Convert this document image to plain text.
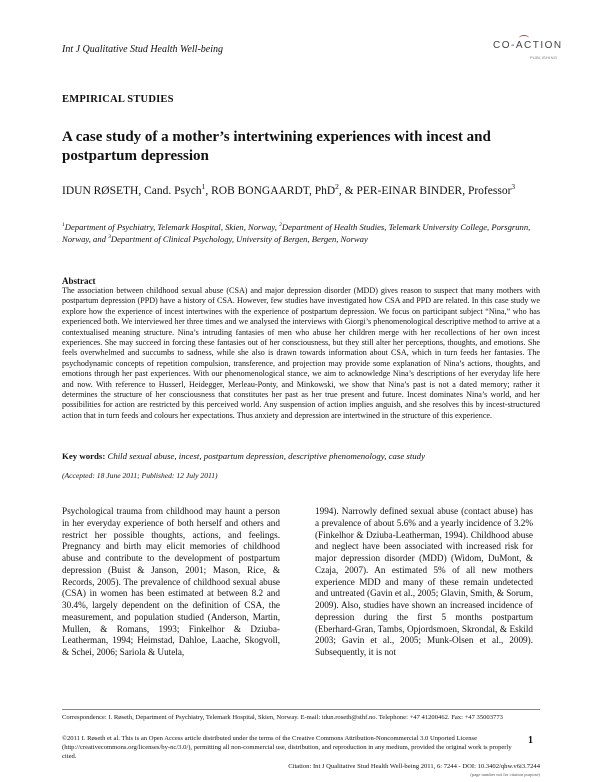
Int J Qualitative Stud Health Well-being	CO-ACTION
PUBLISHING
EMPIRICAL STUDIES
A case study of a mother’s intertwining experiences with incest and postpartum depression
IDUN RØSETH, Cand. Psych$^1$, ROB BONGAARDT, PhD$^2$, & PER-EINAR BINDER, Professor$^3$
$^1$Department of Psychiatry, Telemark Hospital, Skien, Norway, $^2$Department of Health Studies, Telemark University College, Porsgrunn, Norway, and $^3$Department of Clinical Psychology, University of Bergen, Bergen, Norway
Abstract
The association between childhood sexual abuse (CSA) and major depression disorder (MDD) gives reason to suspect that many mothers with postpartum depression (PPD) have a history of CSA. However, few studies have investigated how CSA and PPD are related. In this case study we explore how the experience of incest intertwines with the experience of postpartum depression. We focus on participant subject “Nina,” who has experienced both. We interviewed her three times and we analysed the interviews with Giorgi’s phenomenological descriptive method to arrive at a contextualised meaning structure. Nina’s intruding fantasies of men who abuse her children merge with her recollections of her own incest experiences. She may succeed in forcing these fantasies out of her consciousness, but they still alter her perceptions, thoughts, and emotions. She feels overwhelmed and succumbs to sadness, while she also is drawn towards information about CSA, which in turn feeds her fantasies. The psychodynamic concepts of repetition compulsion, transference, and projection may provide some explanation of Nina’s actions, thoughts, and emotions through her past experiences. With our phenomenological stance, we aim to acknowledge Nina’s descriptions of her everyday life here and now. With reference to Husserl, Heidegger, Merleau-Ponty, and Minkowski, we show that Nina’s past is not a dated memory; rather it determines the structure of her consciousness that constitutes her past as her true present and future. Incest dominates Nina’s world, and her possibilities for action are restricted by this perceived world. Any suspension of action implies anguish, and she resolves this by incest-structured action that in turn feeds and colours her expectations. Thus anxiety and depression are intertwined in the structure of this experience.
Key words: Child sexual abuse, incest, postpartum depression, descriptive phenomenology, case study
(Accepted: 18 June 2011; Published: 12 July 2011)
Psychological trauma from childhood may haunt a person in her everyday experience of both herself and others and restrict her possible thoughts, actions, and feelings. Pregnancy and birth may elicit memories of childhood abuse and contribute to the development of postpartum depression (Buist & Janson, 2001; Mason, Rice, & Records, 2005). The prevalence of childhood sexual abuse (CSA) in women has been estimated at between 8.2 and 30.4%, largely dependent on the definition of CSA, the measurement, and population studied (Anderson, Martin, Mullen, & Romans, 1993; Finkelhor & Dziuba-Leatherman, 1994; Heimstad, Dahloe, Laache, Skogvoll, & Schei, 2006; Sariola & Uutela,
1994). Narrowly defined sexual abuse (contact abuse) has a prevalence of about 5.6% and a yearly incidence of 3.2% (Finkelhor & Dziuba-Leatherman, 1994). Childhood abuse and neglect have been associated with increased risk for major depression disorder (MDD) (Widom, DuMont, & Czaja, 2007). An estimated 5% of all new mothers experience MDD and many of these remain undetected and untreated (Gavin et al., 2005; Glavin, Smith, & Sorum, 2009). Also, studies have shown an increased incidence of depression during the first 5 months postpartum (Eberhard-Gran, Tambs, Opjordsmoen, Skrondal, & Eskild 2003; Gavin et al., 2005; Munk-Olsen et al., 2009). Subsequently, it is not
Correspondence: I. Røseth, Department of Psychiatry, Telemark Hospital, Skien, Norway. E-mail: idun.roseth@sthf.no. Telephone: +47 41200462. Fax: +47 35003773
©2011 I. Røseth et al. This is an Open Access article distributed under the terms of the Creative Commons Attribution-Noncommercial 3.0 Unported License (http://creativecommons.org/licenses/by-nc/3.0/), permitting all non-commercial use, distribution, and reproduction in any medium, provided the original work is properly cited.
1
Citation: Int J Qualitative Stud Health Well-being 2011, 6: 7244 - DOI: 10.3402/qhw.v6i3.7244
(page number not for citation purpose)
